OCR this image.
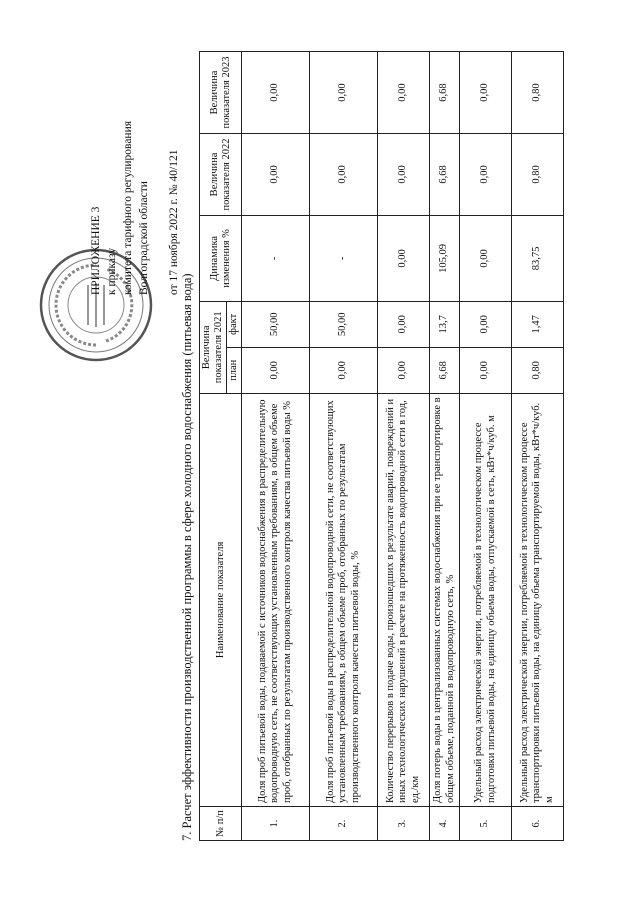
ПРИЛОЖЕНИЕ 3 к приказу комитета тарифного регулирования Волгоградской области от 17 ноября 2022 г. № 40/121
7. Расчет эффективности производственной программы в сфере холодного водоснабжения (питьевая вода) № п/п	Наименование показателя	Величина показателя 2021		Динамика изменения %	Величина показателя 2022	Величина показателя 2023
		план	факт			
1.	Доля проб питьевой воды, подаваемой с источников водоснабжения в распределительную водопроводную сеть, не соответствующих установленным требованиям, в общем объеме проб, отобранных по результатам производственного контроля качества питьевой воды %	0,00	50,00	-	0,00	0,00
2.	Доля проб питьевой воды в распределительной водопроводной сети, не соответствующих установленным требованиям, в общем объеме проб, отобранных по результатам производственного контроля качества питьевой воды, %	0,00	50,00	-	0,00	0,00
3.	Количество перерывов в подаче воды, произошедших в результате аварий, повреждений и иных технологических нарушений в расчете на протяженность водопроводной сети в год, ед./км	0,00	0,00	0,00	0,00	0,00
4.	Доля потерь воды в централизованных системах водоснабжения при ее транспортировке в общем объеме, поданной в водопроводную сеть, %	6,68	13,7	105,09	6,68	6,68
5.	Удельный расход электрической энергии, потребляемой в технологическом процессе подготовки питьевой воды, на единицу объема воды, отпускаемой в сеть, кВт*ч/куб. м	0,00	0,00	0,00	0,00	0,00
6.	Удельный расход электрической энергии, потребляемой в технологическом процессе транспортировки питьевой воды, на единицу объема транспортируемой воды, кВт*ч/куб. м	0,80	1,47	83,75	0,80	0,80
